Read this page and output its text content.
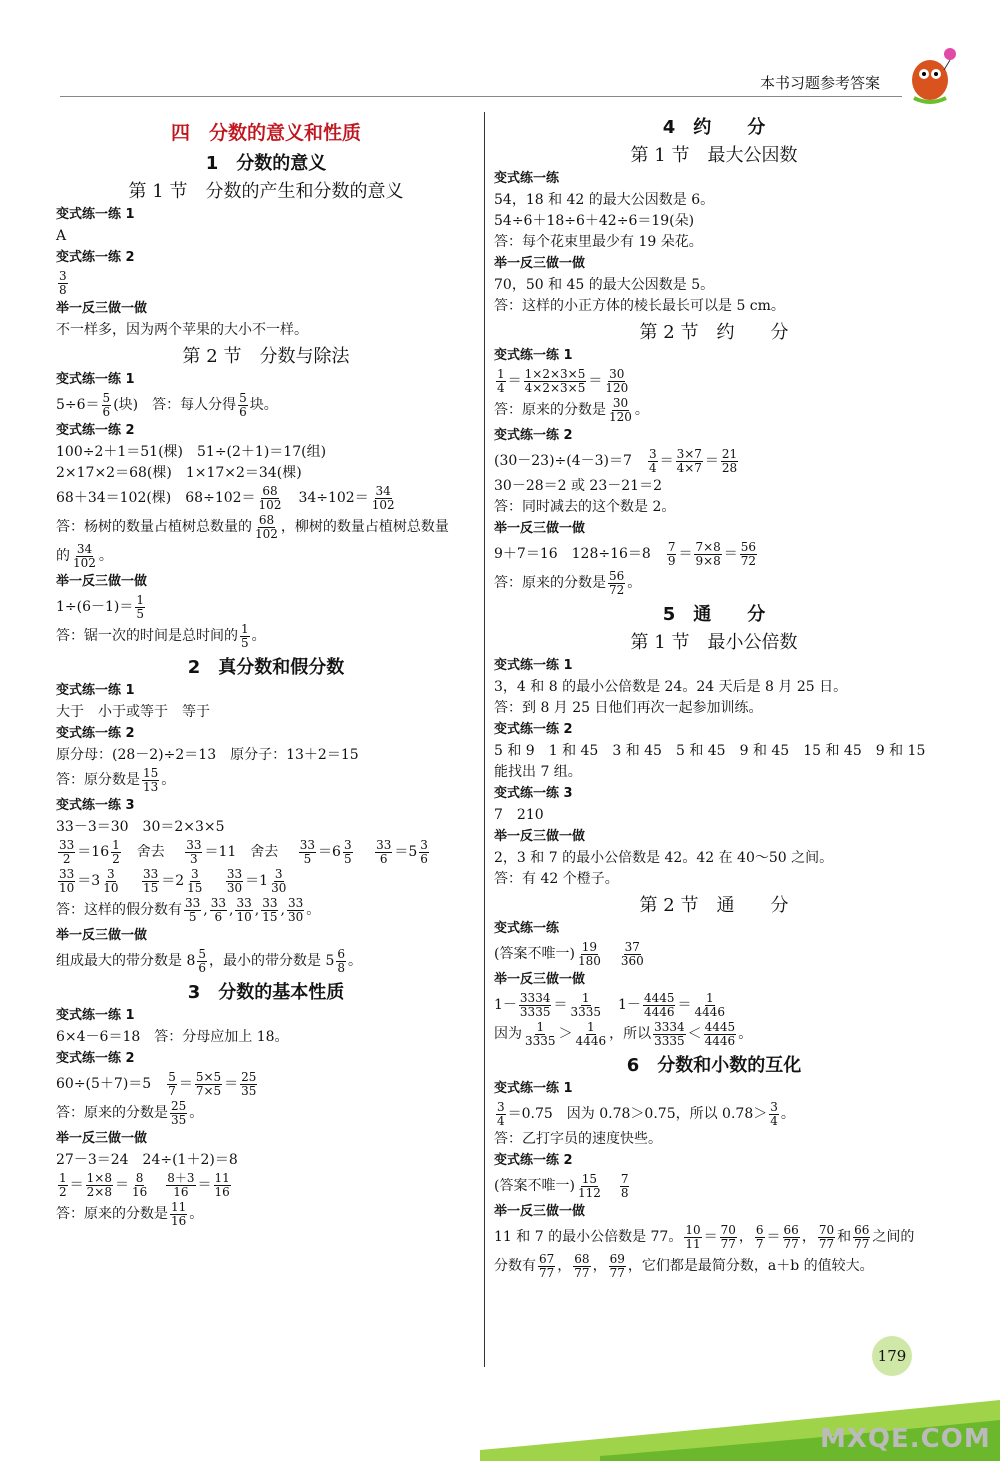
本书习题参考答案
四　分数的意义和性质
1　分数的意义
第 1 节　分数的产生和分数的意义
变式练一练 1
A
变式练一练 2
$\frac{3}{8}$
举一反三做一做
不一样多，因为两个苹果的大小不一样。
第 2 节　分数与除法
变式练一练 1
$5\div 6= \frac{5}{6}$ (块)　答：每人分得 $\frac{5}{6}$ 块。
变式练一练 2
100÷2＋1＝51(棵)　51÷(2＋1)＝17(组)
2×17×2＝68(棵)　1×17×2＝34(棵)
68＋34＝102(棵)　$68\div 102= \frac{68}{102}$ 　$34\div 102= \frac{34}{102}$
答：杨树的数量占植树总数量的 $\frac{68}{102}$ ，柳树的数量占植树总数量
的 $\frac{34}{102}$ 。
举一反三做一做
$1\div(6-1)= \frac{1}{5}$
答：锯一次的时间是总时间的 $\frac{1}{5}$ 。
2　真分数和假分数
变式练一练 1
大于　小于或等于　等于
变式练一练 2
原分母：(28－2)÷2＝13　原分子：13＋2＝15
答：原分数是 $\frac{15}{13}$ 。
变式练一练 3
33－3＝30　30＝2×3×5
$\frac{33}{2} =16 \frac{1}{2}$ 舍去 $\frac{33}{3} =11$　舍去 $\frac{33}{5} =6 \frac{3}{5}$
$\frac{33}{6} =5 \frac{3}{6}$
$\frac{33}{10} =3 \frac{3}{10}$
$\frac{33}{15} =2 \frac{3}{15}$
$\frac{33}{30} =1 \frac{3}{30}$
答：这样的假分数有 $\frac{33}{5}$ , $\frac{33}{6}$ , $\frac{33}{10}$ , $\frac{33}{15}$ , $\frac{33}{30}$ 。
举一反三做一做
组成最大的带分数是 $8 \frac{5}{6}$ ，最小的带分数是 $5 \frac{6}{8}$ 。
3　分数的基本性质
变式练一练 1
6×4－6＝18　答：分母应加上 18。
变式练一练 2
$60\div(5+7)=5 \frac{5}{7} = \frac{5\times 5}{7\times 5} = \frac{25}{35}$
答：原来的分数是 $\frac{25}{35}$ 。
举一反三做一做
27－3＝24　24÷(1＋2)＝8
$\frac{1}{2} = \frac{1\times 8}{2\times 8} = \frac{8}{16} \frac{8+3}{16} = \frac{11}{16}$
答：原来的分数是 $\frac{11}{16}$ 。
4　约　　分
第 1 节　最大公因数
变式练一练
54，18 和 42 的最大公因数是 6。
54÷6＋18÷6＋42÷6＝19(朵)
答：每个花束里最少有 19 朵花。
举一反三做一做
70，50 和 45 的最大公因数是 5。
答：这样的小正方体的棱长最长可以是 5 cm。
第 2 节　约　　分
变式练一练 1
$\frac{1}{4} = \frac{1\times 2\times 3\times 5}{4\times 2\times 3\times 5} = \frac{30}{120}$
答：原来的分数是 $\frac{30}{120}$ 。
变式练一练 2
$(30-23)\div(4-3)=7 \frac{3}{4} = \frac{3\times 7}{4\times 7} = \frac{21}{28}$
30－28＝2 或 23－21＝2
答：同时减去的这个数是 2。
举一反三做一做
9＋7＝16　$128\div 16=8 \frac{7}{9} = \frac{7\times 8}{9\times 8} = \frac{56}{72}$
答：原来的分数是 $\frac{56}{72}$ 。
5　通　　分
第 1 节　最小公倍数
变式练一练 1
3，4 和 8 的最小公倍数是 24。24 天后是 8 月 25 日。
答：到 8 月 25 日他们再次一起参加训练。
变式练一练 2
5 和 9　1 和 45　3 和 45　5 和 45　9 和 45　15 和 45　9 和 15
能找出 7 组。
变式练一练 3
7　210
举一反三做一做
2，3 和 7 的最小公倍数是 42。42 在 40～50 之间。
答：有 42 个橙子。
第 2 节　通　　分
变式练一练
(答案不唯一) $\frac{19}{180} \frac{37}{360}$
举一反三做一做
$1- \frac{3334}{3335} = \frac{1}{3335}$ 　$1- \frac{4445}{4446} = \frac{1}{4446}$
因为 $\frac{1}{3335} > \frac{1}{4446}$ ，所以 $\frac{3334}{3335} < \frac{4445}{4446}$ 。
6　分数和小数的互化
变式练一练 1
$\frac{3}{4} =0.75$　因为 0.78＞0.75，所以 $0.78> \frac{3}{4}$ 。
答：乙打字员的速度快些。
变式练一练 2
(答案不唯一) $\frac{15}{112} \frac{7}{8}$
举一反三做一做
11 和 7 的最小公倍数是 77。 $\frac{10}{11} = \frac{70}{77}$ ， $\frac{6}{7} = \frac{66}{77}$ ， $\frac{70}{77}$ 和 $\frac{66}{77}$ 之间的
分数有 $\frac{67}{77}$ ， $\frac{68}{77}$ ， $\frac{69}{77}$ ，它们都是最简分数，a＋b 的值较大。
179
MXQE.COM
